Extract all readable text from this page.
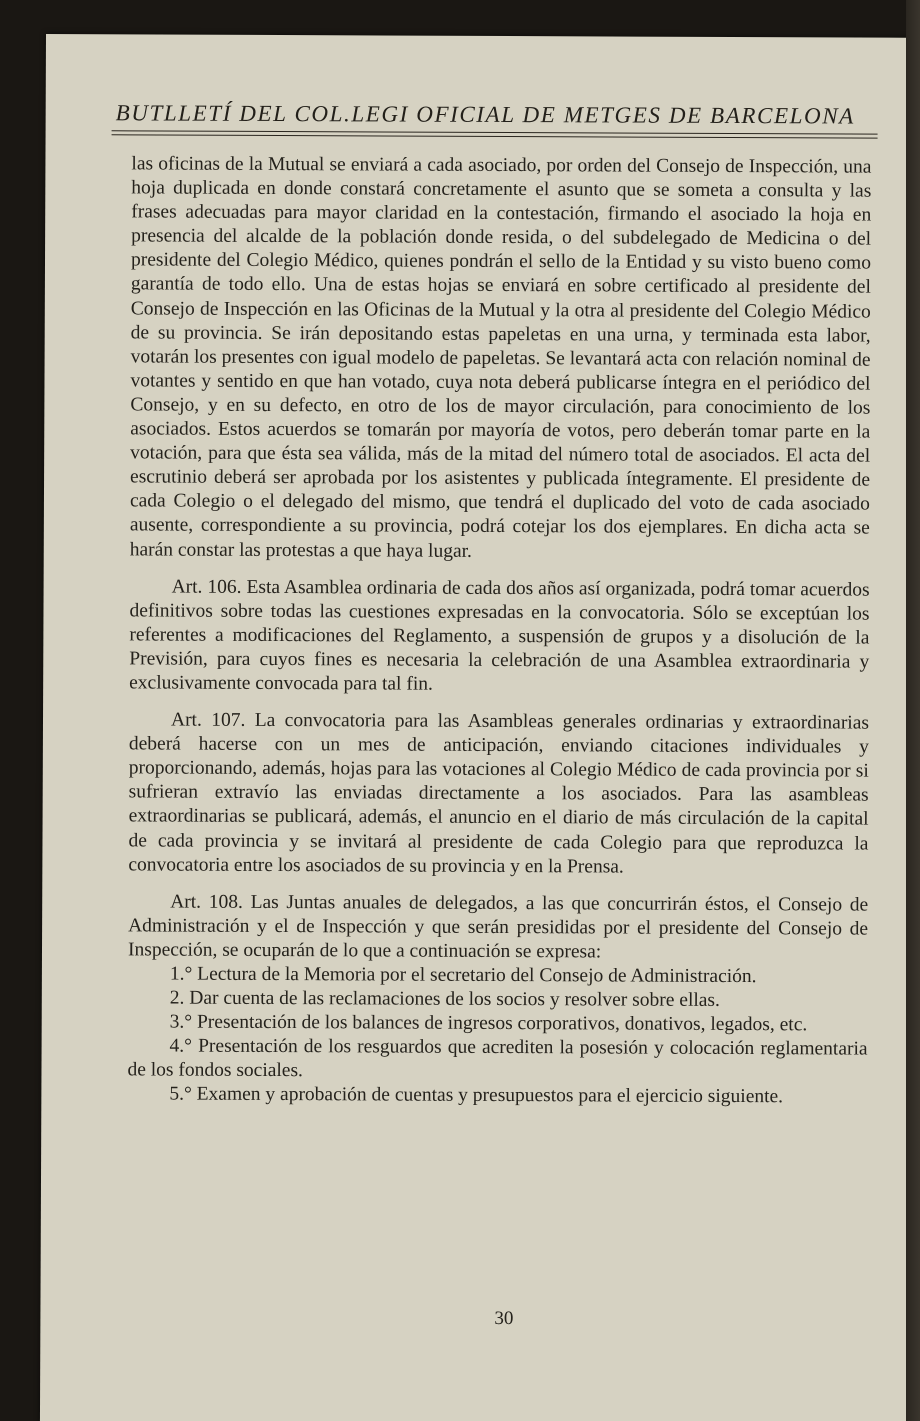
BUTLLETÍ DEL COL.LEGI OFICIAL DE METGES DE BARCELONA

las oficinas de la Mutual se enviará a cada asociado, por orden del Consejo de Inspección, una hoja duplicada en donde constará concretamente el asunto que se someta a consulta y las frases adecuadas para mayor claridad en la contestación, firmando el asociado la hoja en presencia del alcalde de la población donde resida, o del subdelegado de Medicina o del presidente del Colegio Médico, quienes pondrán el sello de la Entidad y su visto bueno como garantía de todo ello. Una de estas hojas se enviará en sobre certificado al presidente del Consejo de Inspección en las Oficinas de la Mutual y la otra al presidente del Colegio Médico de su provincia. Se irán depositando estas papeletas en una urna, y terminada esta labor, votarán los presentes con igual modelo de papeletas. Se levantará acta con relación nominal de votantes y sentido en que han votado, cuya nota deberá publicarse íntegra en el periódico del Consejo, y en su defecto, en otro de los de mayor circulación, para conocimiento de los asociados. Estos acuerdos se tomarán por mayoría de votos, pero deberán tomar parte en la votación, para que ésta sea válida, más de la mitad del número total de asociados. El acta del escrutinio deberá ser aprobada por los asistentes y publicada íntegramente. El presidente de cada Colegio o el delegado del mismo, que tendrá el duplicado del voto de cada asociado ausente, correspondiente a su provincia, podrá cotejar los dos ejemplares. En dicha acta se harán constar las protestas a que haya lugar.

Art. 106. Esta Asamblea ordinaria de cada dos años así organizada, podrá tomar acuerdos definitivos sobre todas las cuestiones expresadas en la convocatoria. Sólo se exceptúan los referentes a modificaciones del Reglamento, a suspensión de grupos y a disolución de la Previsión, para cuyos fines es necesaria la celebración de una Asamblea extraordinaria y exclusivamente convocada para tal fin.

Art. 107. La convocatoria para las Asambleas generales ordinarias y extraordinarias deberá hacerse con un mes de anticipación, enviando citaciones individuales y proporcionando, además, hojas para las votaciones al Colegio Médico de cada provincia por si sufrieran extravío las enviadas directamente a los asociados. Para las asambleas extraordinarias se publicará, además, el anuncio en el diario de más circulación de la capital de cada provincia y se invitará al presidente de cada Colegio para que reproduzca la convocatoria entre los asociados de su provincia y en la Prensa.

Art. 108. Las Juntas anuales de delegados, a las que concurrirán éstos, el Consejo de Administración y el de Inspección y que serán presididas por el presidente del Consejo de Inspección, se ocuparán de lo que a continuación se expresa:

1.° Lectura de la Memoria por el secretario del Consejo de Administración.

2. Dar cuenta de las reclamaciones de los socios y resolver sobre ellas.

3.° Presentación de los balances de ingresos corporativos, donativos, legados, etc.

4.° Presentación de los resguardos que acrediten la posesión y colocación reglamentaria de los fondos sociales.

5.° Examen y aprobación de cuentas y presupuestos para el ejercicio siguiente.

30
